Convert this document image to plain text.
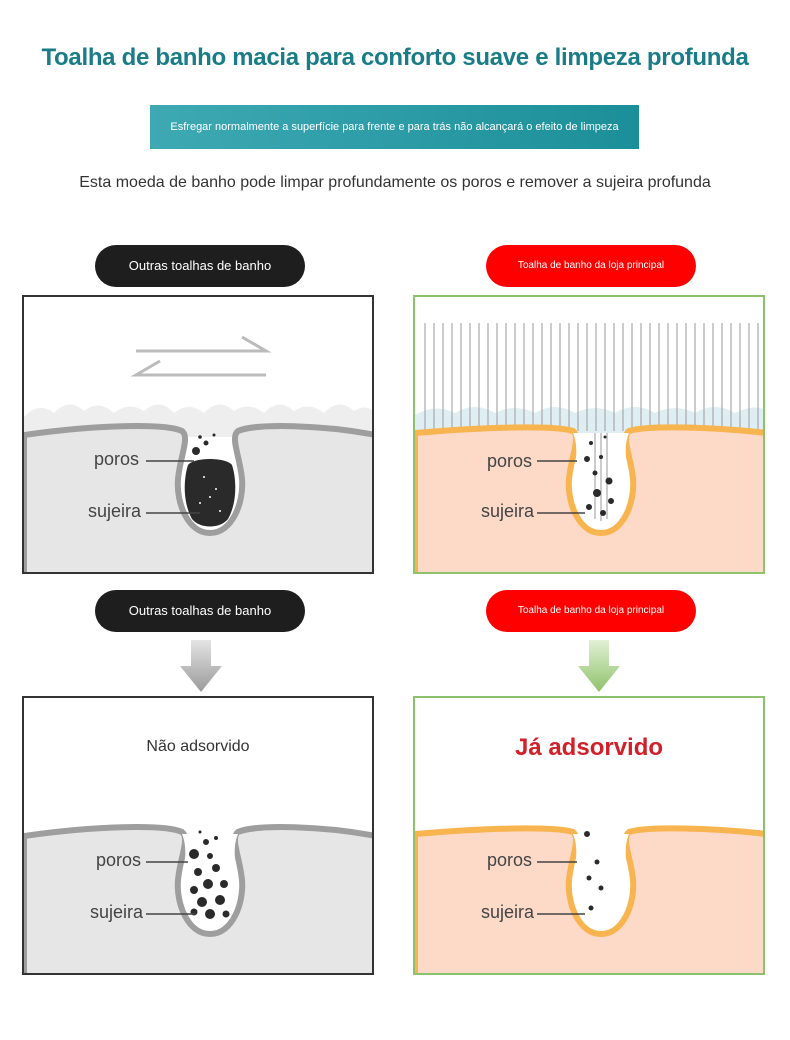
Toalha de banho macia para conforto suave e limpeza profunda
Esfregar normalmente a superfície para frente e para trás não alcançará o efeito de limpeza
Esta moeda de banho pode limpar profundamente os poros e remover a sujeira profunda
Outras toalhas de banho	Toalha de banho da loja principal
poros
sujeira
poros
sujeira
Outras toalhas de banho	Toalha de banho da loja principal
Não adsorvido
poros
sujeira
Já adsorvido
poros
sujeira
